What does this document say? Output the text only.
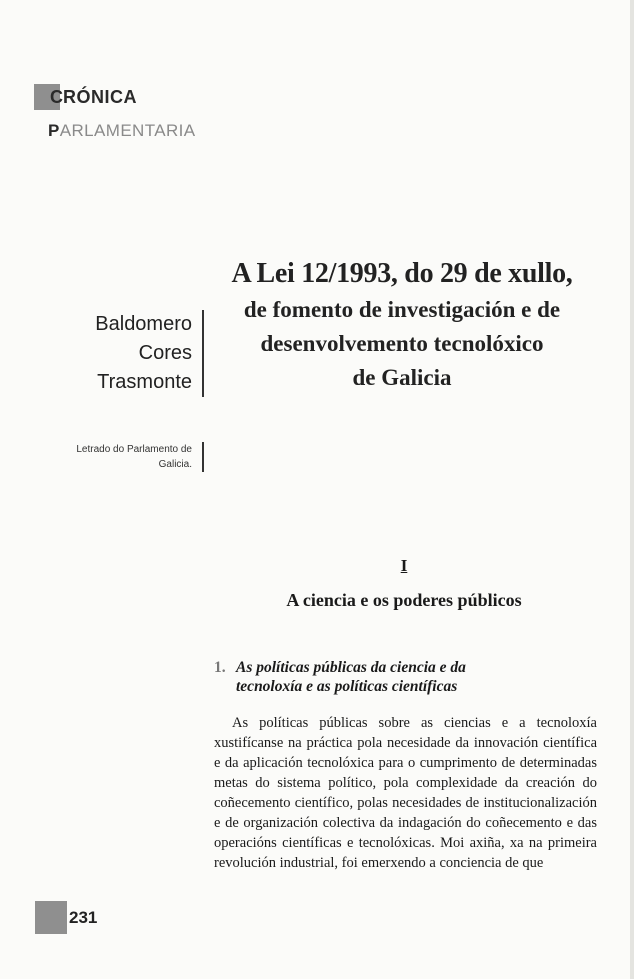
C RÓNICA
PARLAMENTARIA
Baldomero
Cores
Trasmonte
Letrado do Parlamento de
Galicia.
A Lei 12/1993, do 29 de xullo,
de fomento de investigación e de
desenvolvemento tecnolóxico
de Galicia
I
A ciencia e os poderes públicos
1. As políticas públicas da ciencia e da
tecnoloxía e as políticas científicas

As políticas públicas sobre as ciencias e a tecnoloxía xustifícanse na práctica pola necesidade da innovación científica e da aplicación tecnolóxica para o cumprimento de determinadas metas do sistema político, pola complexidade da creación do coñecemento científico, polas necesidades de institucionalización e de organización colectiva da indagación do coñecemento e das operacións científicas e tecnolóxicas. Moi axiña, xa na primeira revolución industrial, foi emerxendo a conciencia de que

231
